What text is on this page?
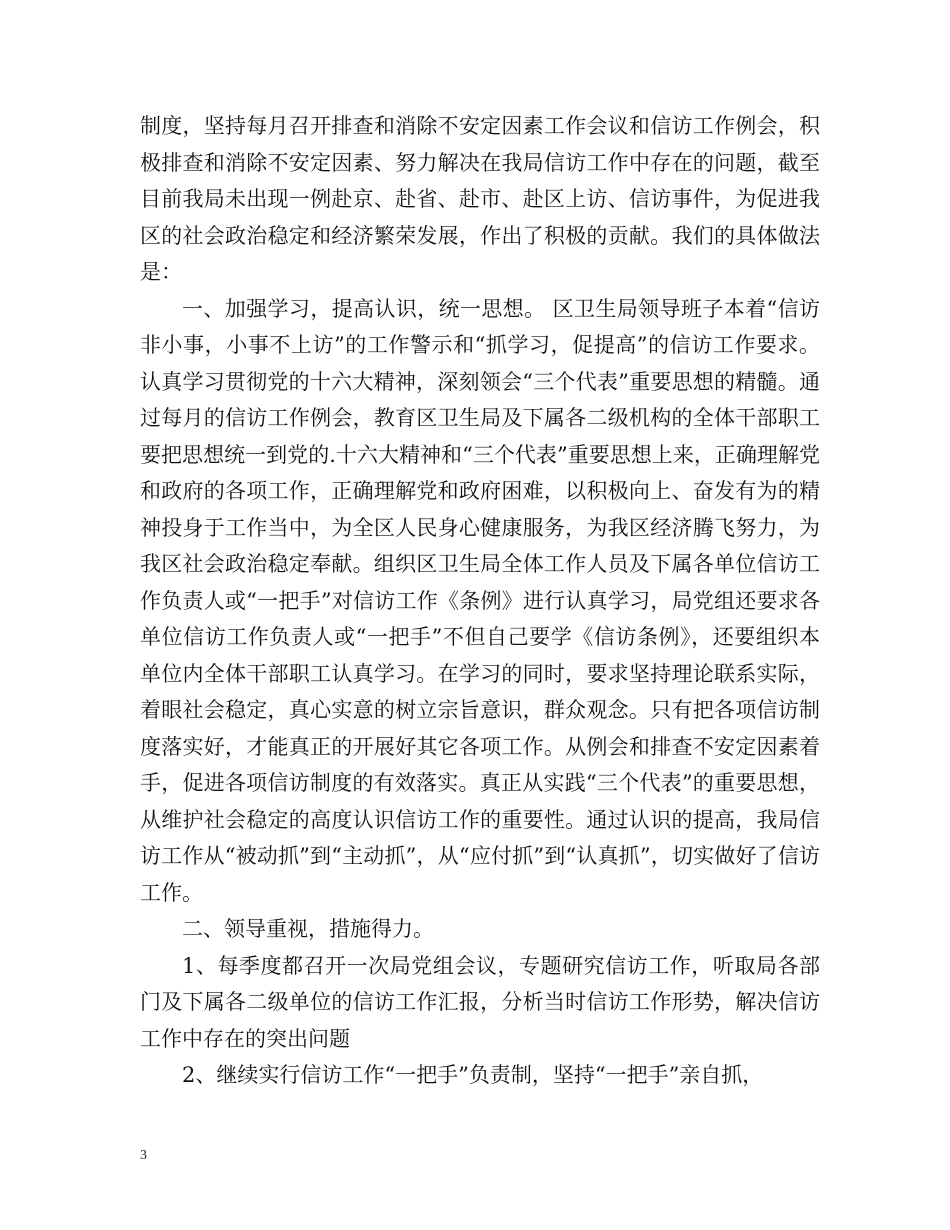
制度，坚持每月召开排查和消除不安定因素工作会议和信访工作例会，积极排查和消除不安定因素、努力解决在我局信访工作中存在的问题，截至目前我局未出现一例赴京、赴省、赴市、赴区上访、信访事件，为促进我区的社会政治稳定和经济繁荣发展，作出了积极的贡献。我们的具体做法是：

一、加强学习，提高认识，统一思想。 区卫生局领导班子本着“信访非小事，小事不上访”的工作警示和“抓学习，促提高”的信访工作要求。认真学习贯彻党的十六大精神，深刻领会“三个代表”重要思想的精髓。通过每月的信访工作例会，教育区卫生局及下属各二级机构的全体干部职工要把思想统一到党的.十六大精神和“三个代表”重要思想上来，正确理解党和政府的各项工作，正确理解党和政府困难，以积极向上、奋发有为的精神投身于工作当中，为全区人民身心健康服务，为我区经济腾飞努力，为我区社会政治稳定奉献。组织区卫生局全体工作人员及下属各单位信访工作负责人或“一把手”对信访工作《条例》进行认真学习，局党组还要求各单位信访工作负责人或“一把手”不但自己要学《信访条例》，还要组织本单位内全体干部职工认真学习。在学习的同时，要求坚持理论联系实际，着眼社会稳定，真心实意的树立宗旨意识，群众观念。只有把各项信访制度落实好，才能真正的开展好其它各项工作。从例会和排查不安定因素着手，促进各项信访制度的有效落实。真正从实践“三个代表”的重要思想，从维护社会稳定的高度认识信访工作的重要性。通过认识的提高，我局信访工作从“被动抓”到“主动抓”，从“应付抓”到“认真抓”，切实做好了信访工作。

二、领导重视，措施得力。

1、每季度都召开一次局党组会议，专题研究信访工作，听取局各部门及下属各二级单位的信访工作汇报，分析当时信访工作形势，解决信访工作中存在的突出问题

2、继续实行信访工作“一把手”负责制，坚持“一把手”亲自抓，

3
